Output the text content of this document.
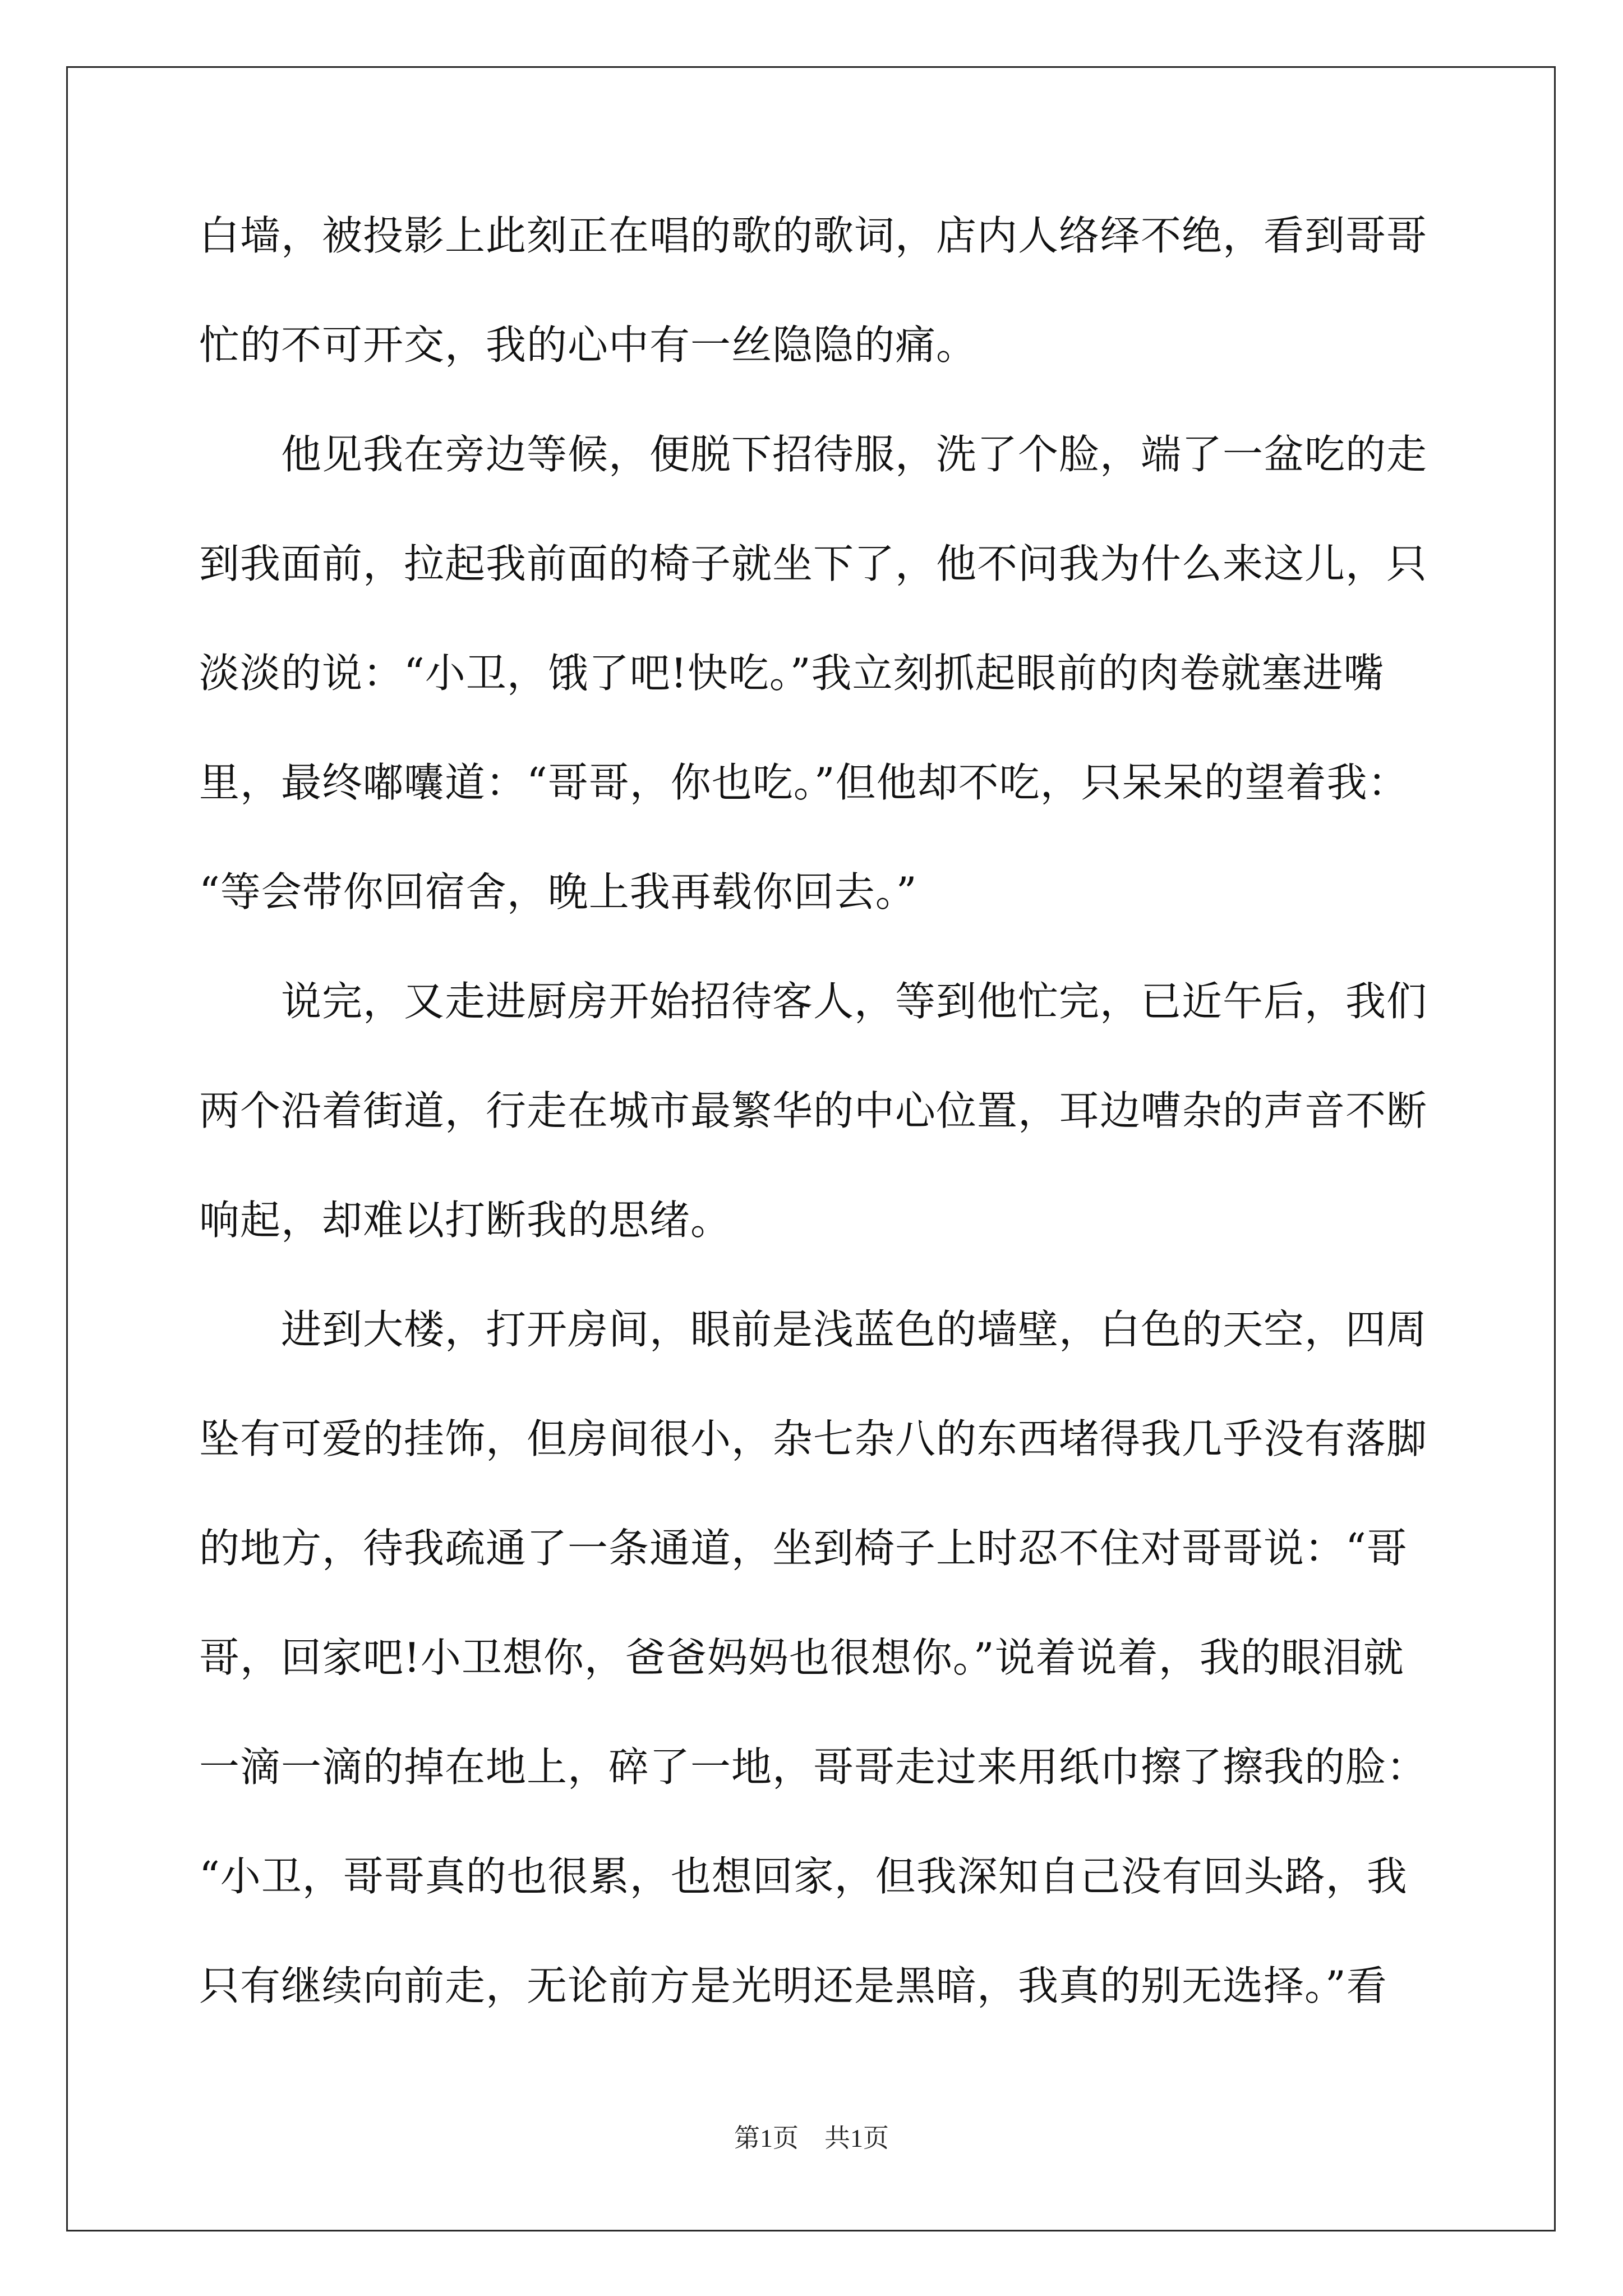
白墙，被投影上此刻正在唱的歌的歌词，店内人络绎不绝，看到哥哥
忙的不可开交，我的心中有一丝隐隐的痛。
　　他见我在旁边等候，便脱下招待服，洗了个脸，端了一盆吃的走
到我面前，拉起我前面的椅子就坐下了，他不问我为什么来这儿，只
淡淡的说：“小卫，饿了吧!快吃。”我立刻抓起眼前的肉卷就塞进嘴
里，最终嘟囔道：“哥哥，你也吃。”但他却不吃，只呆呆的望着我：
“等会带你回宿舍，晚上我再载你回去。”
　　说完，又走进厨房开始招待客人，等到他忙完，已近午后，我们
两个沿着街道，行走在城市最繁华的中心位置，耳边嘈杂的声音不断
响起，却难以打断我的思绪。
　　进到大楼，打开房间，眼前是浅蓝色的墙壁，白色的天空，四周
坠有可爱的挂饰，但房间很小，杂七杂八的东西堵得我几乎没有落脚
的地方，待我疏通了一条通道，坐到椅子上时忍不住对哥哥说：“哥
哥，回家吧!小卫想你，爸爸妈妈也很想你。”说着说着，我的眼泪就
一滴一滴的掉在地上，碎了一地，哥哥走过来用纸巾擦了擦我的脸：
“小卫，哥哥真的也很累，也想回家，但我深知自己没有回头路，我
只有继续向前走，无论前方是光明还是黑暗，我真的别无选择。”看
第1页　共1页
